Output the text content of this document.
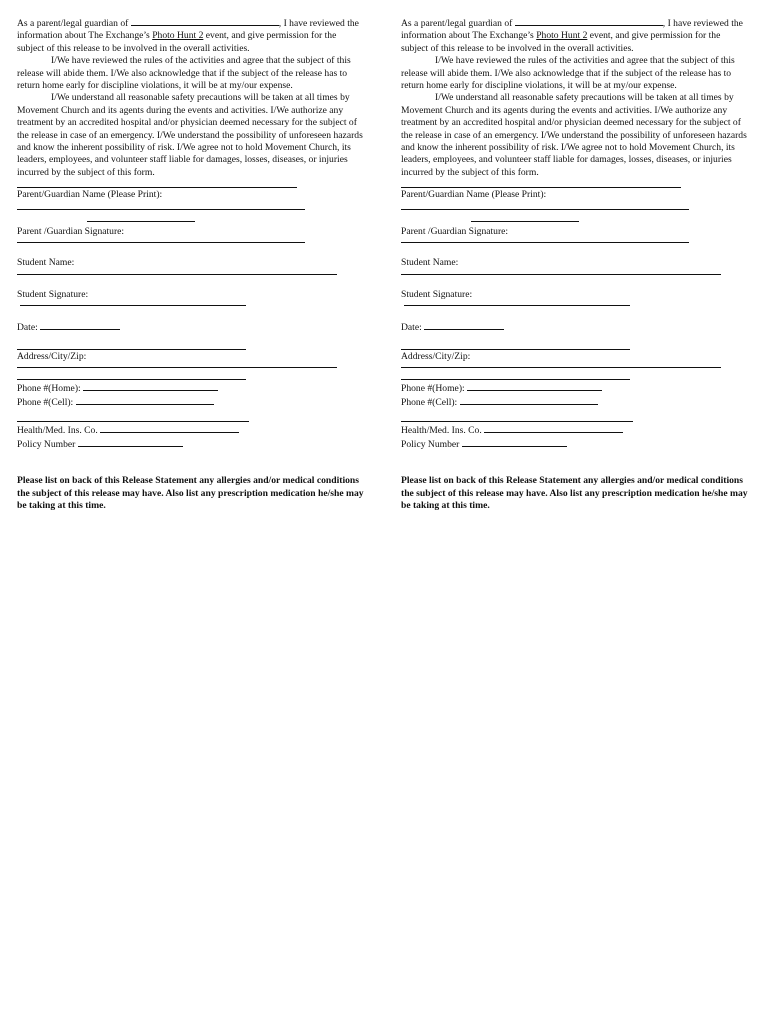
As a parent/legal guardian of	, I have reviewed the information about The Exchange’s Photo Hunt 2 event, and give permission for the subject of this release to be involved in the overall activities.

I/We have reviewed the rules of the activities and agree that the subject of this release will abide them. I/We also acknowledge that if the subject of the release has to return home early for discipline violations, it will be at my/our expense.

I/We understand all reasonable safety precautions will be taken at all times by Movement Church and its agents during the events and activities. I/We authorize any treatment by an accredited hospital and/or physician deemed necessary for the subject of the release in case of an emergency. I/We understand the possibility of unforeseen hazards and know the inherent possibility of risk. I/We agree not to hold Movement Church, its leaders, employees, and volunteer staff liable for damages, losses, diseases, or injuries incurred by the subject of this form.

Parent/Guardian Name (Please Print):
Parent /Guardian Signature:
Student Name:
Student Signature:
Date:
Address/City/Zip:
Phone #(Home):
Phone #(Cell):
Health/Med. Ins. Co.
Policy Number

Please list on back of this Release Statement any allergies and/or medical conditions the subject of this release may have. Also list any prescription medication he/she may be taking at this time.

As a parent/legal guardian of	, I have reviewed the information about The Exchange’s Photo Hunt 2 event, and give permission for the subject of this release to be involved in the overall activities.

I/We have reviewed the rules of the activities and agree that the subject of this release will abide them. I/We also acknowledge that if the subject of the release has to return home early for discipline violations, it will be at my/our expense.

I/We understand all reasonable safety precautions will be taken at all times by Movement Church and its agents during the events and activities. I/We authorize any treatment by an accredited hospital and/or physician deemed necessary for the subject of the release in case of an emergency. I/We understand the possibility of unforeseen hazards and know the inherent possibility of risk. I/We agree not to hold Movement Church, its leaders, employees, and volunteer staff liable for damages, losses, diseases, or injuries incurred by the subject of this form.

Parent/Guardian Name (Please Print):
Parent /Guardian Signature:
Student Name:
Student Signature:
Date:
Address/City/Zip:
Phone #(Home):
Phone #(Cell):
Health/Med. Ins. Co.
Policy Number

Please list on back of this Release Statement any allergies and/or medical conditions the subject of this release may have. Also list any prescription medication he/she may be taking at this time.
